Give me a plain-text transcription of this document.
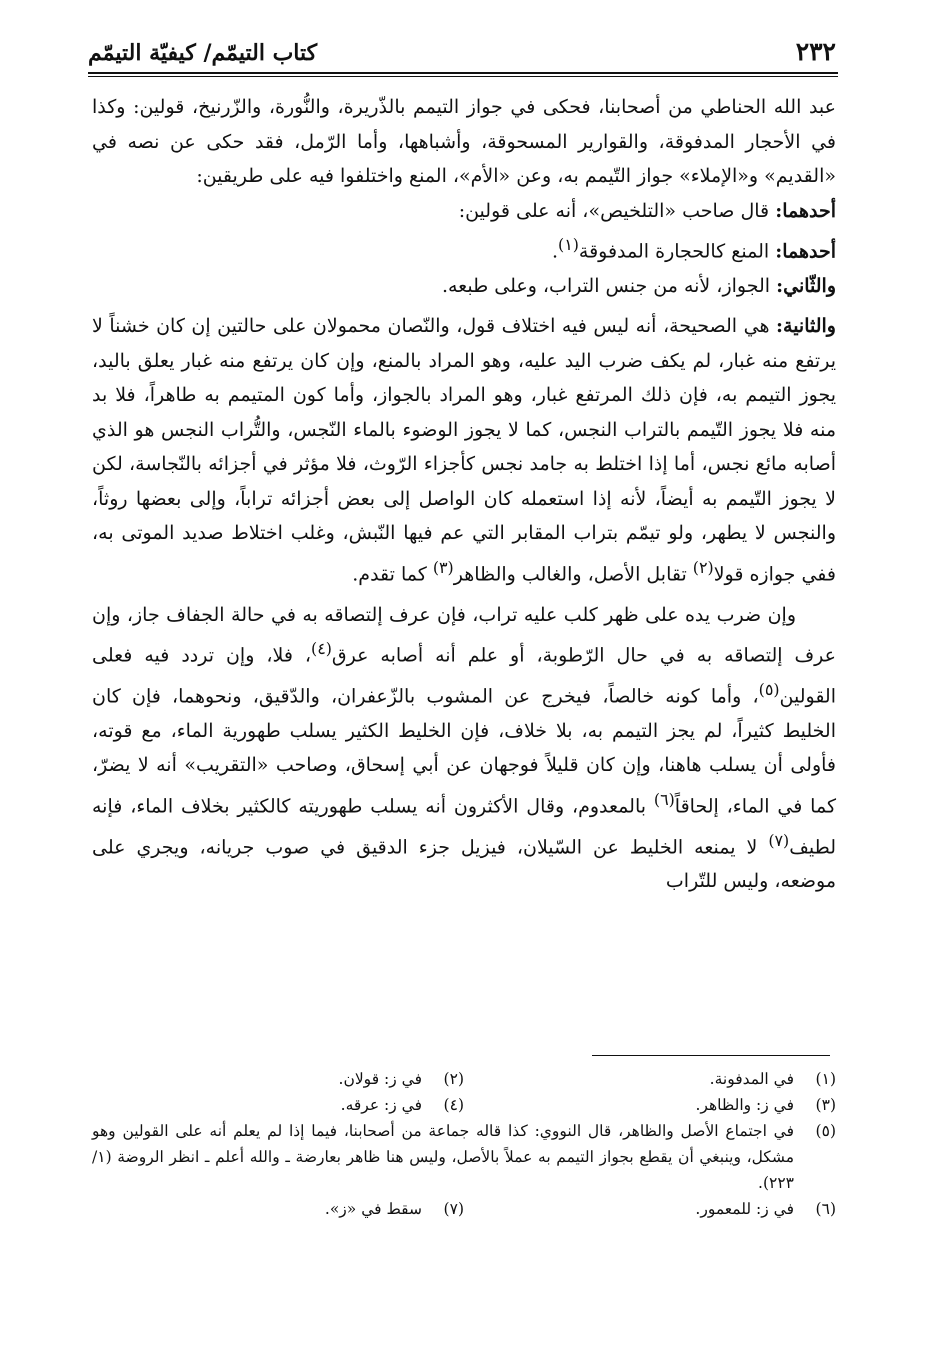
٢٣٢
كتاب التيمّم/ كيفيّة التيمّم

عبد الله الحناطي من أصحابنا، فحكى في جواز التيمم بالذّريرة، والنُّورة، والزّرنيخ، قولين: وكذا في الأحجار المدفوقة، والقوارير المسحوقة، وأشباهها، وأما الرّمل، فقد حكى عن نصه في «القديم» و«الإملاء» جواز التّيمم به، وعن «الأم»، المنع واختلفوا فيه على طريقين:

أحدهما: قال صاحب «التلخيص»، أنه على قولين:

أحدهما: المنع كالحجارة المدفوقة$^{(١)}$.

والثّاني: الجواز، لأنه من جنس التراب، وعلى طبعه.

والثانية: هي الصحيحة، أنه ليس فيه اختلاف قول، والنّصان محمولان على حالتين إن كان خشناً لا يرتفع منه غبار، لم يكف ضرب اليد عليه، وهو المراد بالمنع، وإن كان يرتفع منه غبار يعلق باليد، يجوز التيمم به، فإن ذلك المرتفع غبار، وهو المراد بالجواز، وأما كون المتيمم به طاهراً، فلا بد منه فلا يجوز التّيمم بالتراب النجس، كما لا يجوز الوضوء بالماء النّجس، والتُّراب النجس هو الذي أصابه مائع نجس، أما إذا اختلط به جامد نجس كأجزاء الرّوث، فلا مؤثر في أجزائه بالنّجاسة، لكن لا يجوز التّيمم به أيضاً، لأنه إذا استعمله كان الواصل إلى بعض أجزائه تراباً، وإلى بعضها روثاً، والنجس لا يطهر، ولو تيمّم بتراب المقابر التي عم فيها النّبش، وغلب اختلاط صديد الموتى به، ففي جوازه قولا$^{(٢)}$ تقابل الأصل، والغالب والظاهر$^{(٣)}$ كما تقدم.

وإن ضرب يده على ظهر كلب عليه تراب، فإن عرف إلتصاقه به في حالة الجفاف جاز، وإن عرف إلتصاقه به في حال الرّطوبة، أو علم أنه أصابه عرق$^{(٤)}$، فلا، وإن تردد فيه فعلى القولين$^{(٥)}$، وأما كونه خالصاً، فيخرج عن المشوب بالزّعفران، والدّقيق، ونحوهما، فإن كان الخليط كثيراً، لم يجز التيمم به، بلا خلاف، فإن الخليط الكثير يسلب طهورية الماء، مع قوته، فأولى أن يسلب هاهنا، وإن كان قليلاً فوجهان عن أبي إسحاق، وصاحب «التقريب» أنه لا يضرّ، كما في الماء، إلحاقاً$^{(٦)}$ بالمعدوم، وقال الأكثرون أنه يسلب طهوريته كالكثير بخلاف الماء، فإنه لطيف$^{(٧)}$ لا يمنعه الخليط عن السّيلان، فيزيل جزء الدقيق في صوب جريانه، ويجري على موضعه، وليس للتّراب

(١)
في المدفونة.
(٢)
في ز: قولان.
(٣)
في ز: والظاهر.
(٤)
في ز: عرقه.
(٥)
في اجتماع الأصل والظاهر، قال النووي: كذا قاله جماعة من أصحابنا، فيما إذا لم يعلم أنه على القولين وهو مشكل، وينبغي أن يقطع بجواز التيمم به عملاً بالأصل، وليس هنا ظاهر بعارضة ـ والله أعلم ـ انظر الروضة (١/ ٢٢٣).
(٦)
في ز: للمعمور.
(٧)
سقط في «ز».
